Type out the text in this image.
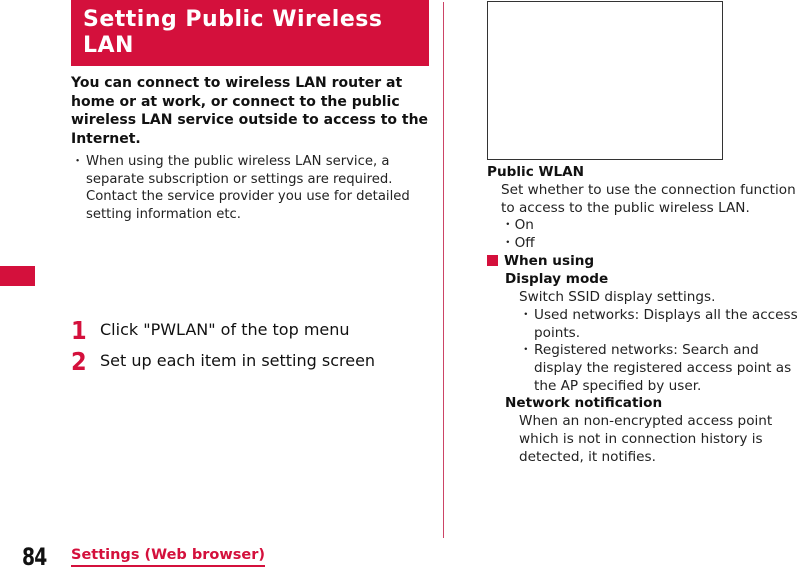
Setting Public Wireless LAN
You can connect to wireless LAN router at home or at work, or connect to the public wireless LAN service outside to access to the Internet.
・ When using the public wireless LAN service, a
separate subscription or settings are required.
Contact the service provider you use for detailed
setting information etc.
1 Click "PWLAN" of the top menu
2 Set up each item in setting screen
Public WLAN
Set whether to use the connection function
to access to the public wireless LAN.
・On
・Off
When using
Display mode
Switch SSID display settings.
・ Used networks: Displays all the access
points.
・ Registered networks: Search and
display the registered access point as
the AP specified by user.
Network notification
When an non-encrypted access point
which is not in connection history is
detected, it notifies.
84 Settings (Web browser)
